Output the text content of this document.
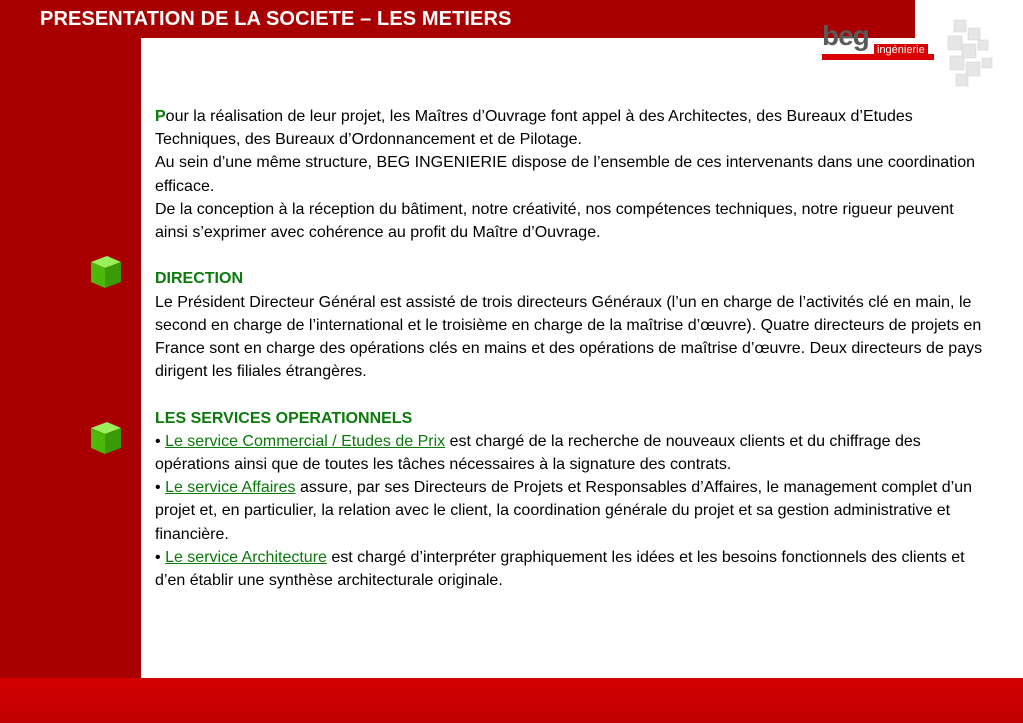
PRESENTATION DE LA SOCIETE – LES METIERS
beg ingénierie

Pour la réalisation de leur projet, les Maîtres d’Ouvrage font appel à des Architectes, des Bureaux d’Etudes Techniques, des Bureaux d’Ordonnancement et de Pilotage.

Au sein d’une même structure, BEG INGENIERIE dispose de l’ensemble de ces intervenants dans une coordination efficace.

De la conception à la réception du bâtiment, notre créativité, nos compétences techniques, notre rigueur peuvent ainsi s’exprimer avec cohérence au profit du Maître d’Ouvrage.

DIRECTION

Le Président Directeur Général est assisté de trois directeurs Généraux (l’un en charge de l’activités clé en main, le second en charge de l’international et le troisième en charge de la maîtrise d’œuvre). Quatre directeurs de projets en France sont en charge des opérations clés en mains et des opérations de maîtrise d’œuvre. Deux directeurs de pays dirigent les filiales étrangères.

LES SERVICES OPERATIONNELS

• Le service Commercial / Etudes de Prix est chargé de la recherche de nouveaux clients et du chiffrage des opérations ainsi que de toutes les tâches nécessaires à la signature des contrats.

• Le service Affaires assure, par ses Directeurs de Projets et Responsables d’Affaires, le management complet d’un projet et, en particulier, la relation avec le client, la coordination générale du projet et sa gestion administrative et financière.

• Le service Architecture est chargé d’interpréter graphiquement les idées et les besoins fonctionnels des clients et d’en établir une synthèse architecturale originale.
